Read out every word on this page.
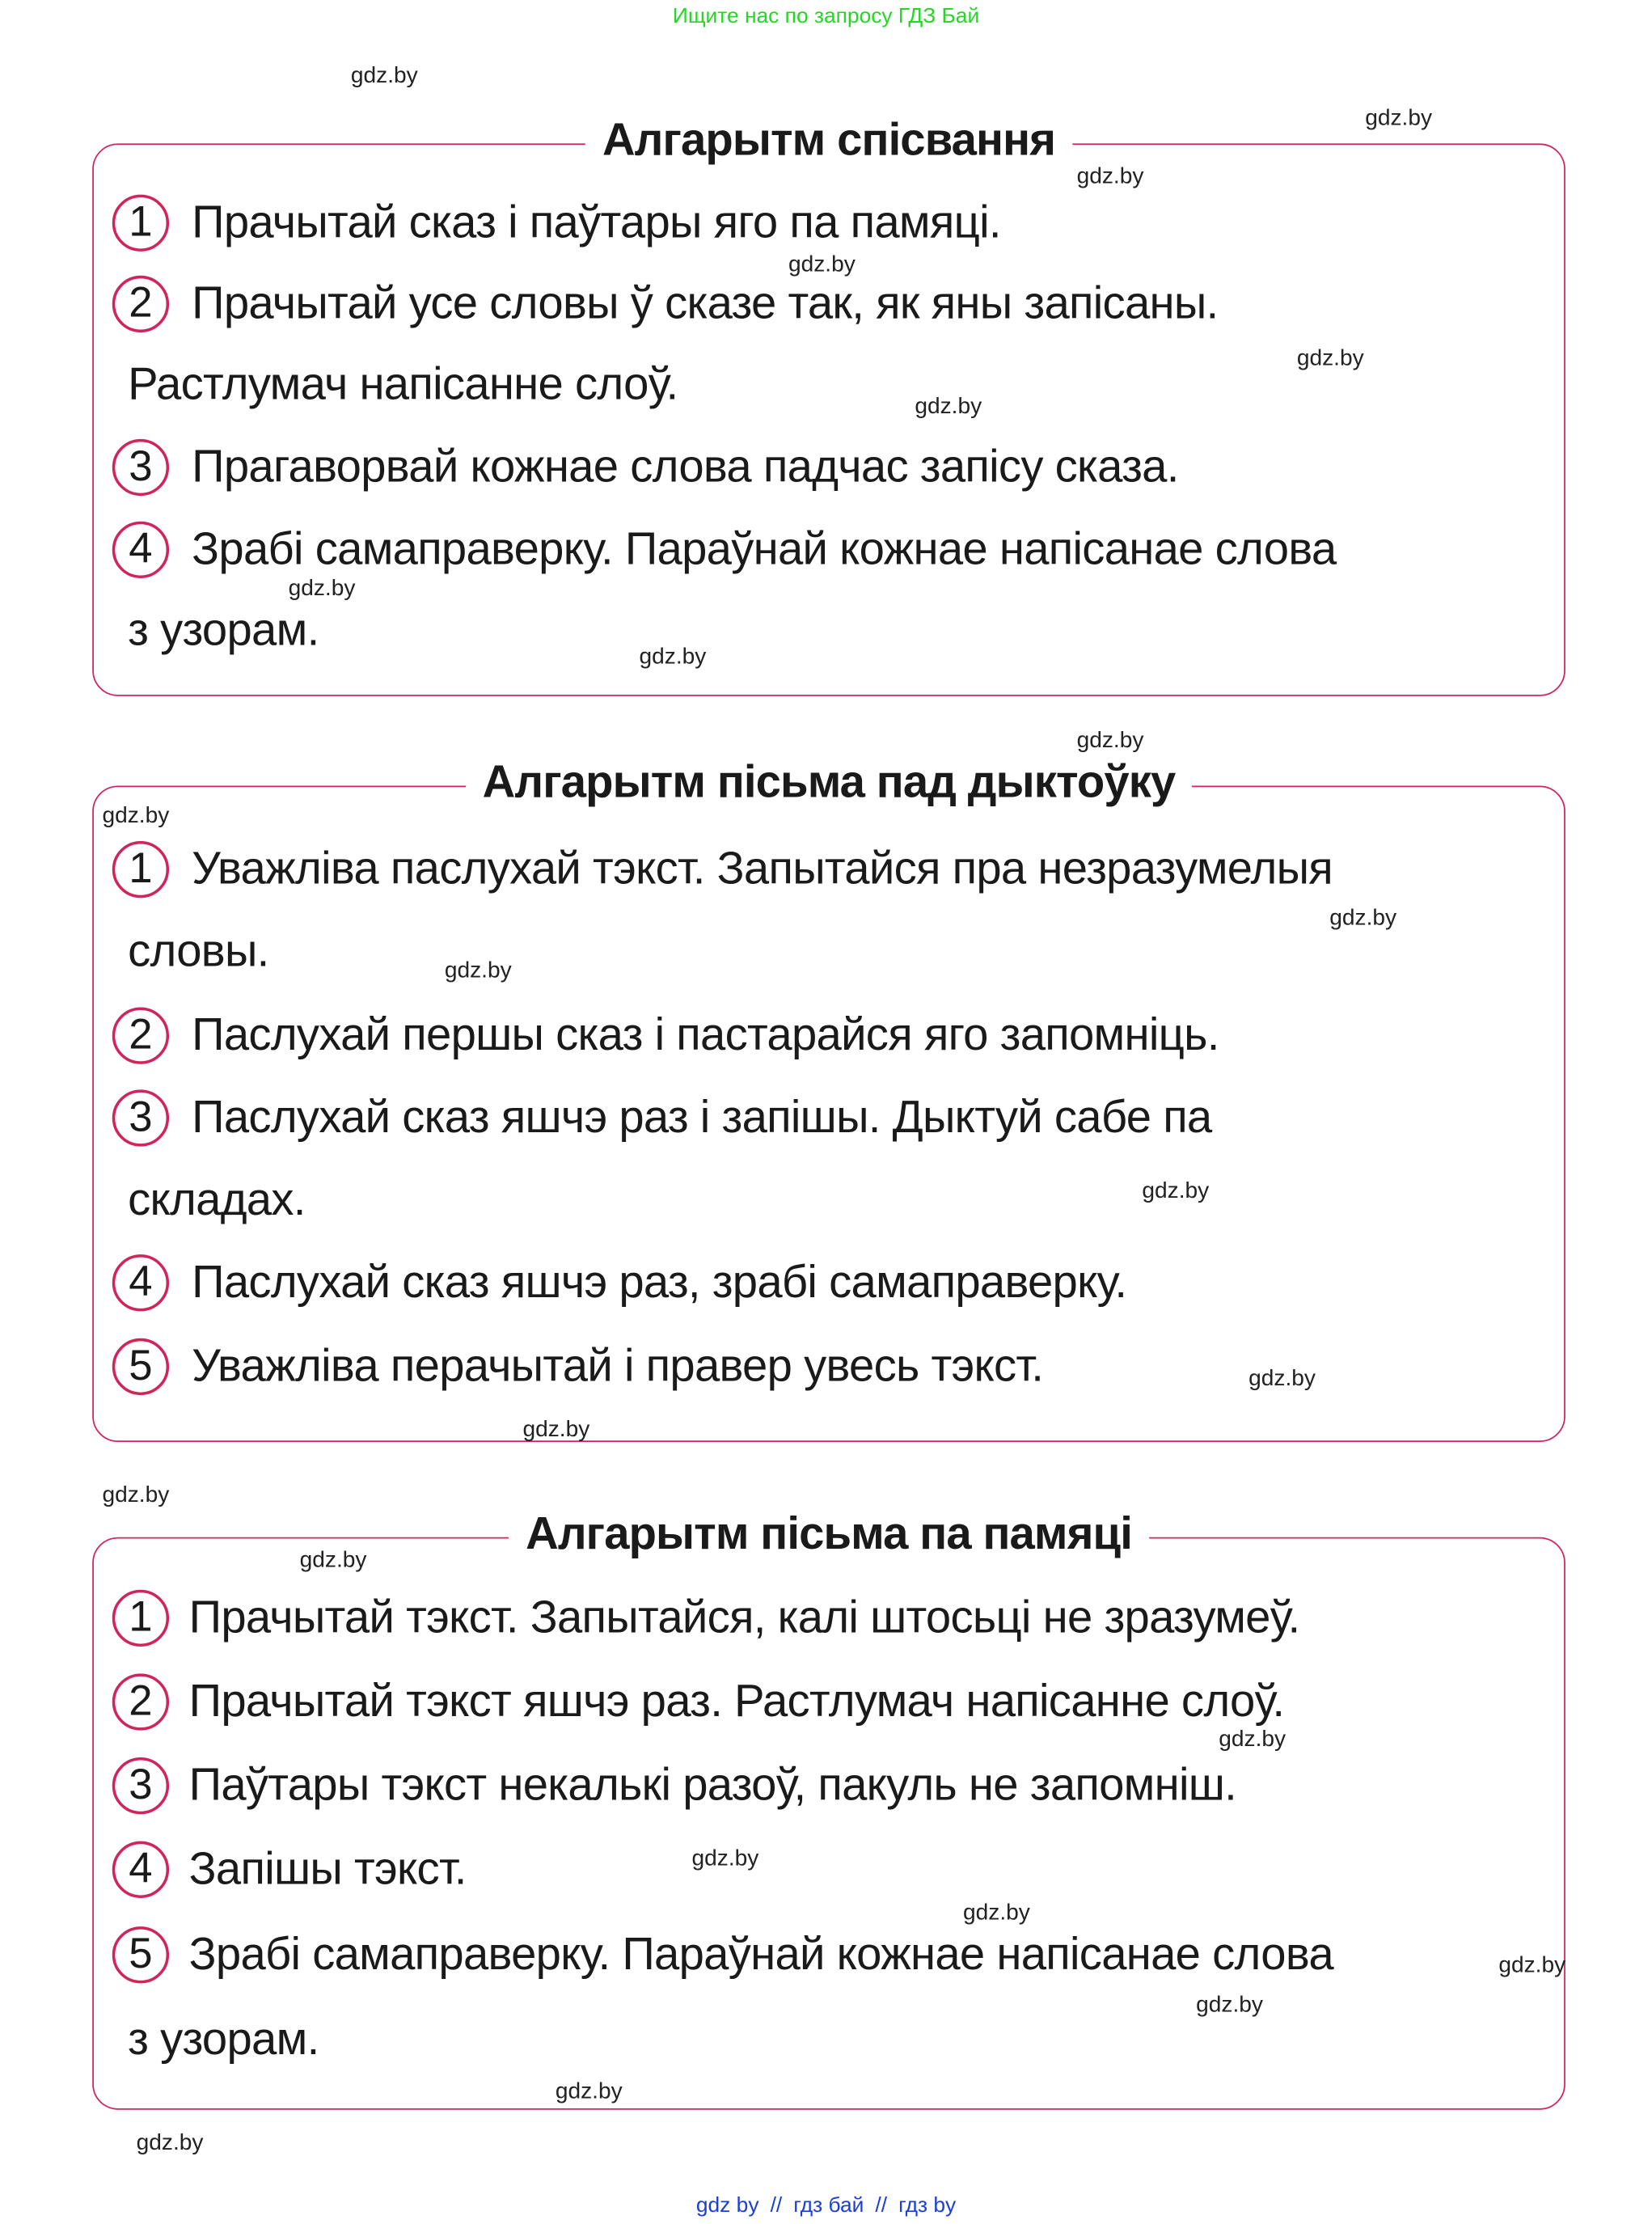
Ищите нас по запросу ГДЗ Бай
Алгарытм спісвання
Алгарытм пісьма пад дыктоўку
Алгарытм пісьма па памяці
1	Прачытай сказ і паўтары яго па памяці.
2	Прачытай усе словы ў сказе так, як яны запісаны.
Растлумач напісанне слоў.
3	Прагаворвай кожнае слова падчас запісу сказа.
4	Зрабі самаправерку. Параўнай кожнае напісанае слова
з узорам.
1	Уважліва паслухай тэкст. Запытайся пра незразумелыя
словы.
2	Паслухай першы сказ і пастарайся яго запомніць.
3	Паслухай сказ яшчэ раз і запішы. Дыктуй сабе па
складах.
4	Паслухай сказ яшчэ раз, зрабі самаправерку.
5	Уважліва перачытай і правер увесь тэкст.
1	Прачытай тэкст. Запытайся, калі штосьці не зразумеў.
2	Прачытай тэкст яшчэ раз. Растлумач напісанне слоў.
3	Паўтары тэкст некалькі разоў, пакуль не запомніш.
4	Запішы тэкст.
5	Зрабі самаправерку. Параўнай кожнае напісанае слова
з узорам.
gdz.by
gdz.by
gdz.by
gdz.by
gdz.by
gdz.by
gdz.by
gdz.by
gdz.by
gdz.by
gdz.by
gdz.by
gdz.by
gdz.by
gdz.by
gdz.by
gdz.by
gdz.by
gdz.by
gdz.by
gdz.by
gdz.by
gdz.by
gdz.by
gdz by // гдз бай // гдз by
